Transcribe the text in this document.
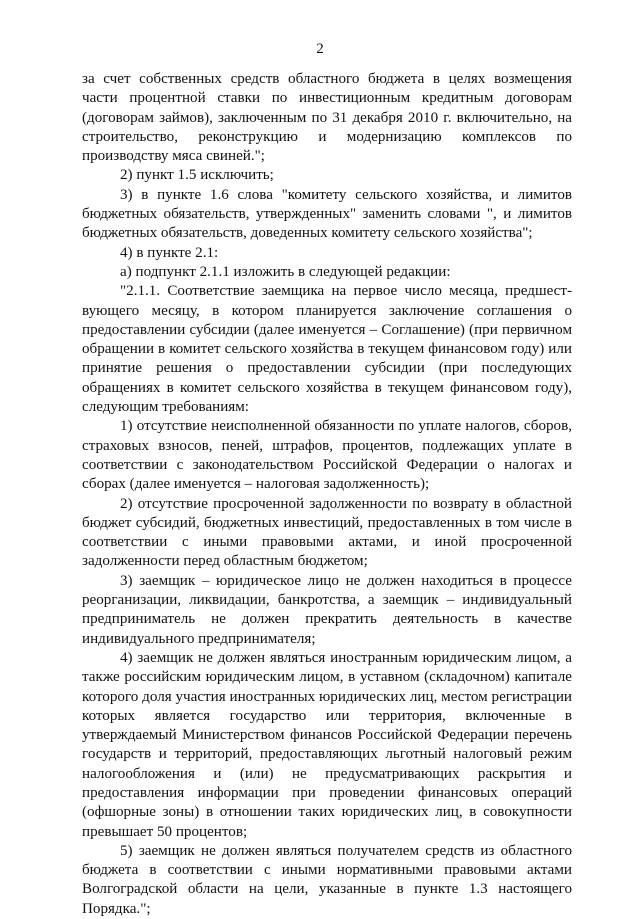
2

за счет собственных средств областного бюджета в целях возмещения части процентной ставки по инвестиционным кредитным договорам (договорам займов), заключенным по 31 декабря 2010 г. включительно, на строительство, реконструкцию и модернизацию комплексов по производству мяса свиней.";

2) пункт 1.5 исключить;

3) в пункте 1.6 слова "комитету сельского хозяйства, и лимитов бюджетных обязательств, утвержденных" заменить словами ", и лимитов бюджетных обязательств, доведенных комитету сельского хозяйства";

4) в пункте 2.1:

а) подпункт 2.1.1 изложить в следующей редакции:

"2.1.1. Соответствие заемщика на первое число месяца, предшест-вующего месяцу, в котором планируется заключение соглашения о предоставлении субсидии (далее именуется – Соглашение) (при первичном обращении в комитет сельского хозяйства в текущем финансовом году) или принятие решения о предоставлении субсидии (при последующих обращениях в комитет сельского хозяйства в текущем финансовом году), следующим требованиям:

1) отсутствие неисполненной обязанности по уплате налогов, сборов, страховых взносов, пеней, штрафов, процентов, подлежащих уплате в соответствии с законодательством Российской Федерации о налогах и сборах (далее именуется – налоговая задолженность);

2) отсутствие просроченной задолженности по возврату в областной бюджет субсидий, бюджетных инвестиций, предоставленных в том числе в соответствии с иными правовыми актами, и иной просроченной задолженности перед областным бюджетом;

3) заемщик – юридическое лицо не должен находиться в процессе реорганизации, ликвидации, банкротства, а заемщик – индивидуальный предприниматель не должен прекратить деятельность в качестве индивидуального предпринимателя;

4) заемщик не должен являться иностранным юридическим лицом, а также российским юридическим лицом, в уставном (складочном) капитале которого доля участия иностранных юридических лиц, местом регистрации которых является государство или территория, включенные в утверждаемый Министерством финансов Российской Федерации перечень государств и территорий, предоставляющих льготный налоговый режим налогообложения и (или) не предусматривающих раскрытия и предоставления информации при проведении финансовых операций (офшорные зоны) в отношении таких юридических лиц, в совокупности превышает 50 процентов;

5) заемщик не должен являться получателем средств из областного бюджета в соответствии с иными нормативными правовыми актами Волгоградской области на цели, указанные в пункте 1.3 настоящего Порядка.";
